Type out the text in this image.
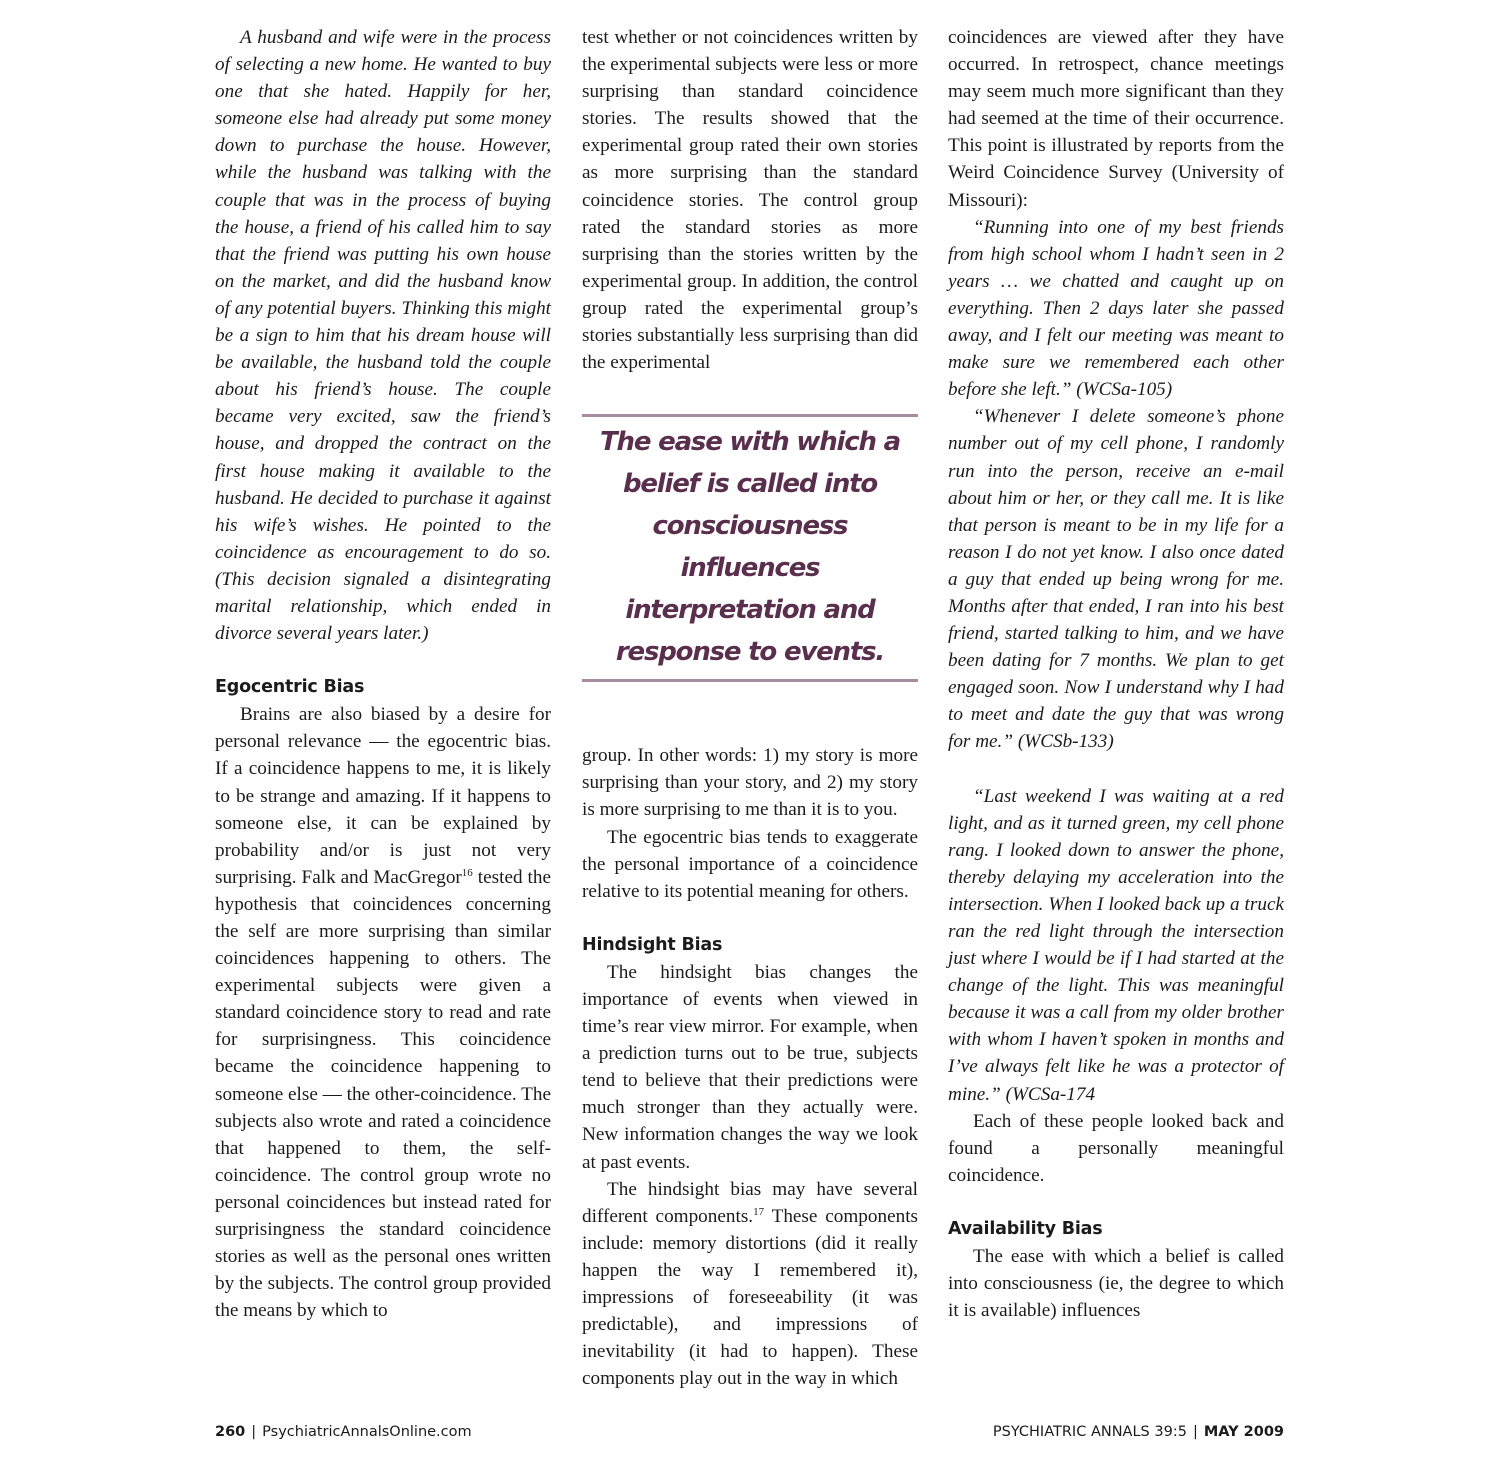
A husband and wife were in the process of selecting a new home. He wanted to buy one that she hated. Happily for her, someone else had already put some money down to purchase the house. However, while the husband was talking with the couple that was in the process of buying the house, a friend of his called him to say that the friend was putting his own house on the market, and did the husband know of any potential buyers. Thinking this might be a sign to him that his dream house will be available, the husband told the couple about his friend’s house. The couple became very excited, saw the friend’s house, and dropped the contract on the first house making it available to the husband. He decided to purchase it against his wife’s wishes. He pointed to the coincidence as encouragement to do so. (This decision signaled a disintegrating marital relationship, which ended in divorce several years later.)

Egocentric Bias

Brains are also biased by a desire for personal relevance — the egocentric bias. If a coincidence happens to me, it is likely to be strange and amazing. If it happens to someone else, it can be explained by probability and/or is just not very surprising. Falk and MacGregor$^{16}$ tested the hypothesis that coincidences concerning the self are more surprising than similar coincidences happening to others. The experimental subjects were given a standard coincidence story to read and rate for surprisingness. This coincidence became the coincidence happening to someone else — the other-coincidence. The subjects also wrote and rated a coincidence that happened to them, the self-coincidence. The control group wrote no personal coincidences but instead rated for surprisingness the standard coincidence stories as well as the personal ones written by the subjects. The control group provided the means by which to

test whether or not coincidences written by the experimental subjects were less or more surprising than standard coincidence stories. The results showed that the experimental group rated their own stories as more surprising than the standard coincidence stories. The control group rated the standard stories as more surprising than the stories written by the experimental group. In addition, the control group rated the experimental group’s stories substantially less surprising than did the experimental

The ease with which a belief is called into consciousness influences interpretation and response to events.

group. In other words: 1) my story is more surprising than your story, and 2) my story is more surprising to me than it is to you.

The egocentric bias tends to exaggerate the personal importance of a coincidence relative to its potential meaning for others.

Hindsight Bias

The hindsight bias changes the importance of events when viewed in time’s rear view mirror. For example, when a prediction turns out to be true, subjects tend to believe that their predictions were much stronger than they actually were. New information changes the way we look at past events.

The hindsight bias may have several different components.$^{17}$ These components include: memory distortions (did it really happen the way I remembered it), impressions of foreseeability (it was predictable), and impressions of inevitability (it had to happen). These components play out in the way in which

coincidences are viewed after they have occurred. In retrospect, chance meetings may seem much more significant than they had seemed at the time of their occurrence. This point is illustrated by reports from the Weird Coincidence Survey (University of Missouri):

“Running into one of my best friends from high school whom I hadn’t seen in 2 years … we chatted and caught up on everything. Then 2 days later she passed away, and I felt our meeting was meant to make sure we remembered each other before she left.” (WCSa-105)

“Whenever I delete someone’s phone number out of my cell phone, I randomly run into the person, receive an e-mail about him or her, or they call me. It is like that person is meant to be in my life for a reason I do not yet know. I also once dated a guy that ended up being wrong for me. Months after that ended, I ran into his best friend, started talking to him, and we have been dating for 7 months. We plan to get engaged soon. Now I understand why I had to meet and date the guy that was wrong for me.” (WCSb-133)

“Last weekend I was waiting at a red light, and as it turned green, my cell phone rang. I looked down to answer the phone, thereby delaying my acceleration into the intersection. When I looked back up a truck ran the red light through the intersection just where I would be if I had started at the change of the light. This was meaningful because it was a call from my older brother with whom I haven’t spoken in months and I’ve always felt like he was a protector of mine.” (WCSa-174

Each of these people looked back and found a personally meaningful coincidence.

Availability Bias

The ease with which a belief is called into consciousness (ie, the degree to which it is available) influences

260 | PsychiatricAnnalsOnline.com	PSYCHIATRIC ANNALS 39:5 | MAY 2009
